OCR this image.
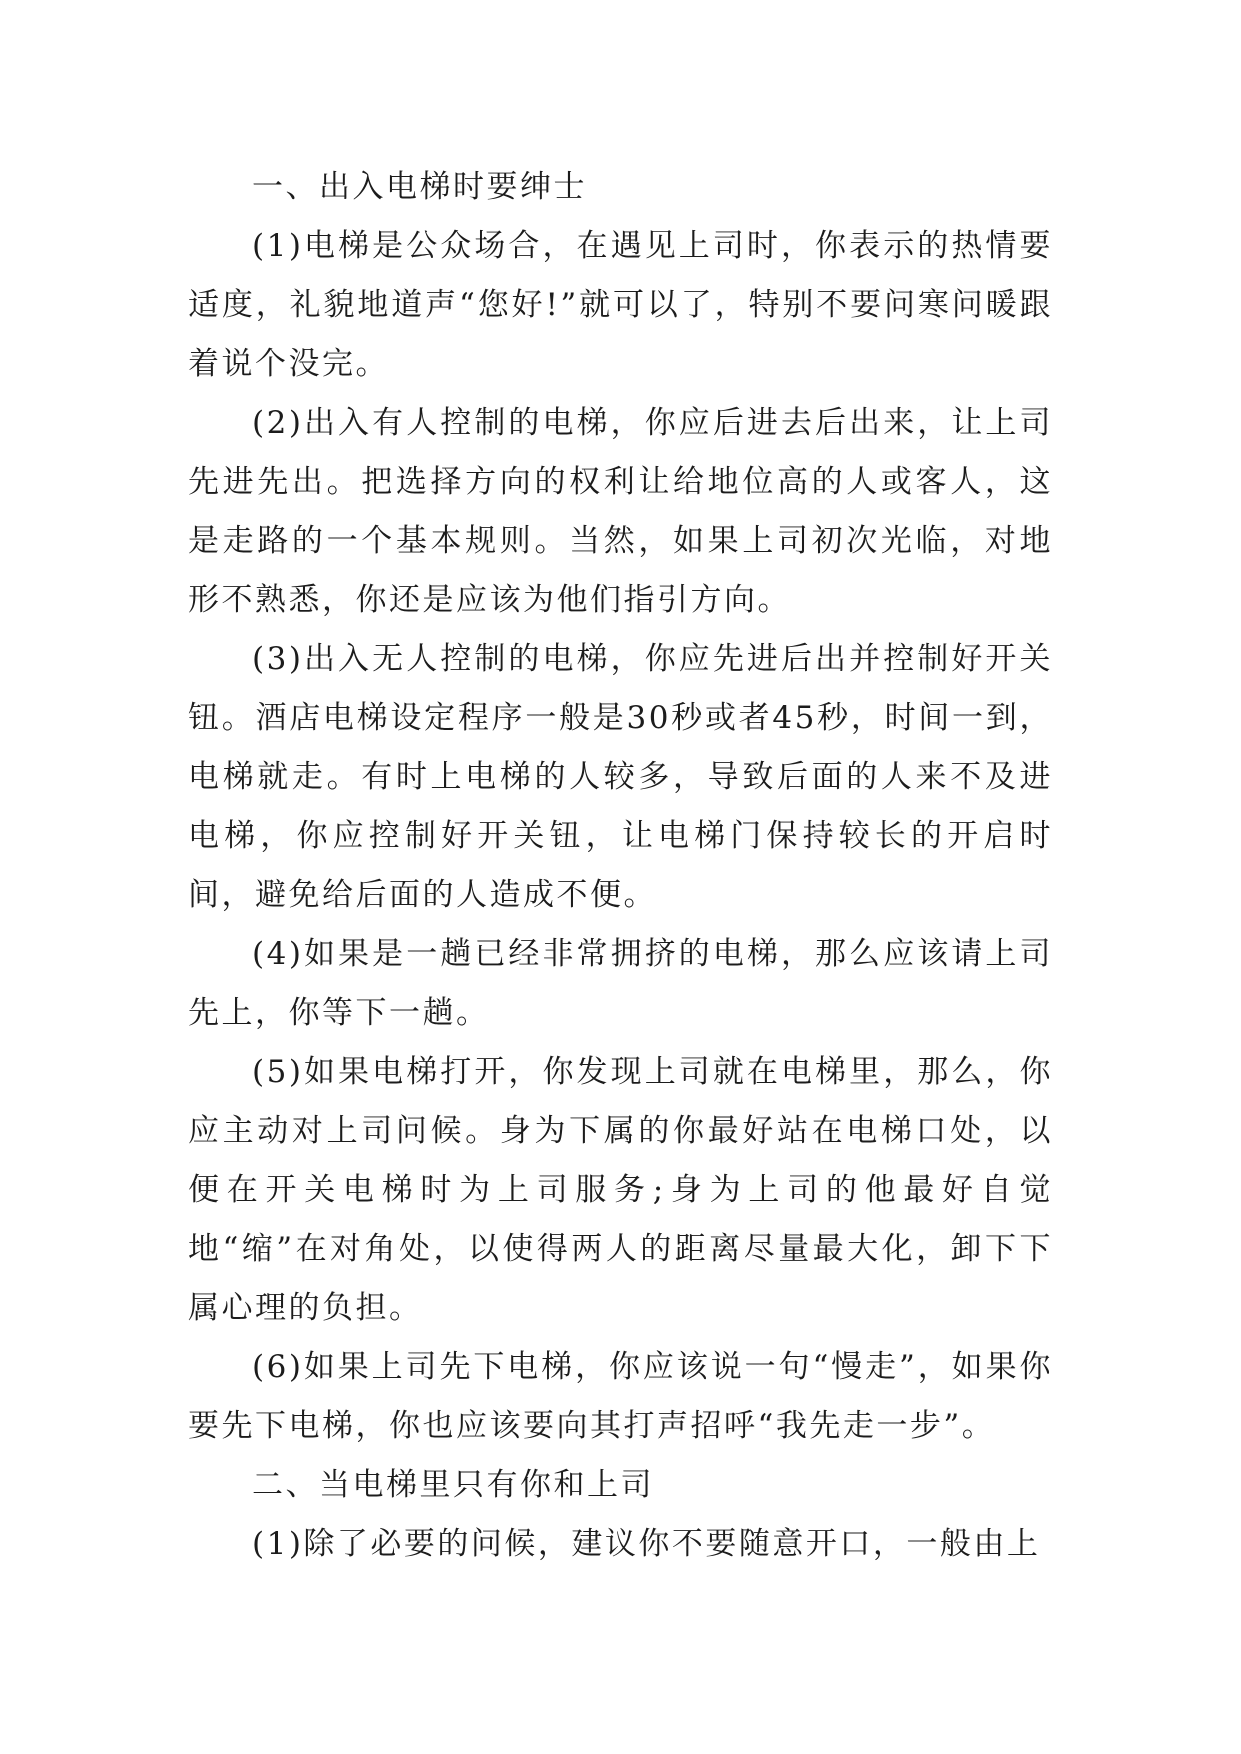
一、出入电梯时要绅士

(1)电梯是公众场合，在遇见上司时，你表示的热情要适度，礼貌地道声“您好!”就可以了，特别不要问寒问暖跟着说个没完。

(2)出入有人控制的电梯，你应后进去后出来，让上司先进先出。把选择方向的权利让给地位高的人或客人，这是走路的一个基本规则。当然，如果上司初次光临，对地形不熟悉，你还是应该为他们指引方向。

(3)出入无人控制的电梯，你应先进后出并控制好开关钮。酒店电梯设定程序一般是30秒或者45秒，时间一到，电梯就走。有时上电梯的人较多，导致后面的人来不及进电梯，你应控制好开关钮，让电梯门保持较长的开启时间，避免给后面的人造成不便。

(4)如果是一趟已经非常拥挤的电梯，那么应该请上司先上，你等下一趟。

(5)如果电梯打开，你发现上司就在电梯里，那么，你应主动对上司问候。身为下属的你最好站在电梯口处，以便在开关电梯时为上司服务;身为上司的他最好自觉地“缩”在对角处，以使得两人的距离尽量最大化，卸下下属心理的负担。

(6)如果上司先下电梯，你应该说一句“慢走”，如果你要先下电梯，你也应该要向其打声招呼“我先走一步”。

二、当电梯里只有你和上司

(1)除了必要的问候，建议你不要随意开口，一般由上
